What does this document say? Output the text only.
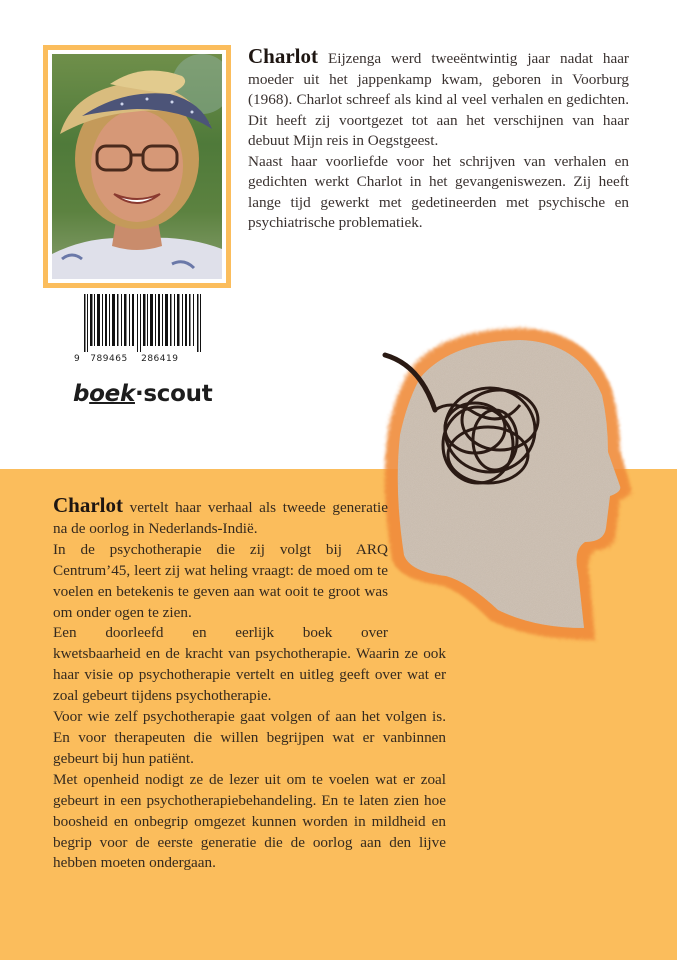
9   789465    286419
boek·scout

Charlot Eijzenga werd tweeëntwintig jaar nadat haar moeder uit het jappenkamp kwam, geboren in Voorburg (1968). Charlot schreef als kind al veel verhalen en gedichten. Dit heeft zij voortgezet tot aan het verschijnen van haar debuut Mijn reis in Oegstgeest.

Naast haar voorliefde voor het schrijven van verhalen en gedichten werkt Charlot in het gevangeniswezen. Zij heeft lange tijd gewerkt met gedetineerden met psychische en psychiatrische problematiek.

Charlot vertelt haar verhaal als tweede generatie na de oorlog in Nederlands-Indië.

In de psychotherapie die zij volgt bij ARQ Centrum’45, leert zij wat heling vraagt: de moed om te voelen en betekenis te geven aan wat ooit te groot was om onder ogen te zien.

Een doorleefd en eerlijk boek over

kwetsbaarheid en de kracht van psychotherapie. Waarin ze ook haar visie op psychotherapie vertelt en uitleg geeft over wat er zoal gebeurt tijdens psychotherapie.

Voor wie zelf psychotherapie gaat volgen of aan het volgen is. En voor therapeuten die willen begrijpen wat er vanbinnen gebeurt bij hun patiënt.

Met openheid nodigt ze de lezer uit om te voelen wat er zoal gebeurt in een psychotherapiebehandeling. En te laten zien hoe boosheid en onbegrip omgezet kunnen worden in mildheid en begrip voor de eerste generatie die de oorlog aan den lijve hebben moeten ondergaan.
